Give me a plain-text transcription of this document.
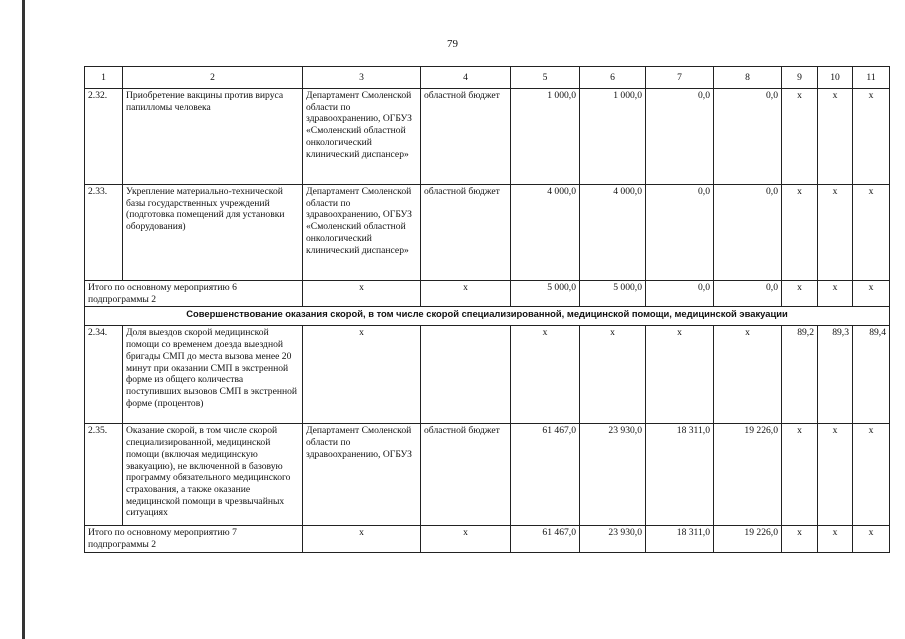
79
1	2	3	4	5	6	7	8	9	10	11
2.32.	Приобретение вакцины против вируса папилломы человека	Департамент Смоленской области по здравоохранению, ОГБУЗ «Смоленский областной онкологический клинический диспансер»	областной бюджет	1 000,0	1 000,0	0,0	0,0	х	х	х
2.33.	Укрепление материально-технической базы государственных учреждений (подготовка помещений для установки оборудования)	Департамент Смоленской области по здравоохранению, ОГБУЗ «Смоленский областной онкологический клинический диспансер»	областной бюджет	4 000,0	4 000,0	0,0	0,0	х	х	х
Итого по основному мероприятию 6 подпрограммы 2		х	х	5 000,0	5 000,0	0,0	0,0	х	х	х
Совершенствование оказания скорой, в том числе скорой специализированной, медицинской помощи, медицинской эвакуации										
2.34.	Доля выездов скорой медицинской помощи со временем доезда выездной бригады СМП до места вызова менее 20 минут при оказании СМП в экстренной форме из общего количества поступивших вызовов СМП в экстренной форме (процентов)	х		х	х	х	х	89,2	89,3	89,4
2.35.	Оказание скорой, в том числе скорой специализированной, медицинской помощи (включая медицинскую эвакуацию), не включенной в базовую программу обязательного медицинского страхования, а также оказание медицинской помощи в чрезвычайных ситуациях	Департамент Смоленской области по здравоохранению, ОГБУЗ	областной бюджет	61 467,0	23 930,0	18 311,0	19 226,0	х	х	х
Итого по основному мероприятию 7 подпрограммы 2		х	х	61 467,0	23 930,0	18 311,0	19 226,0	х	х	х
